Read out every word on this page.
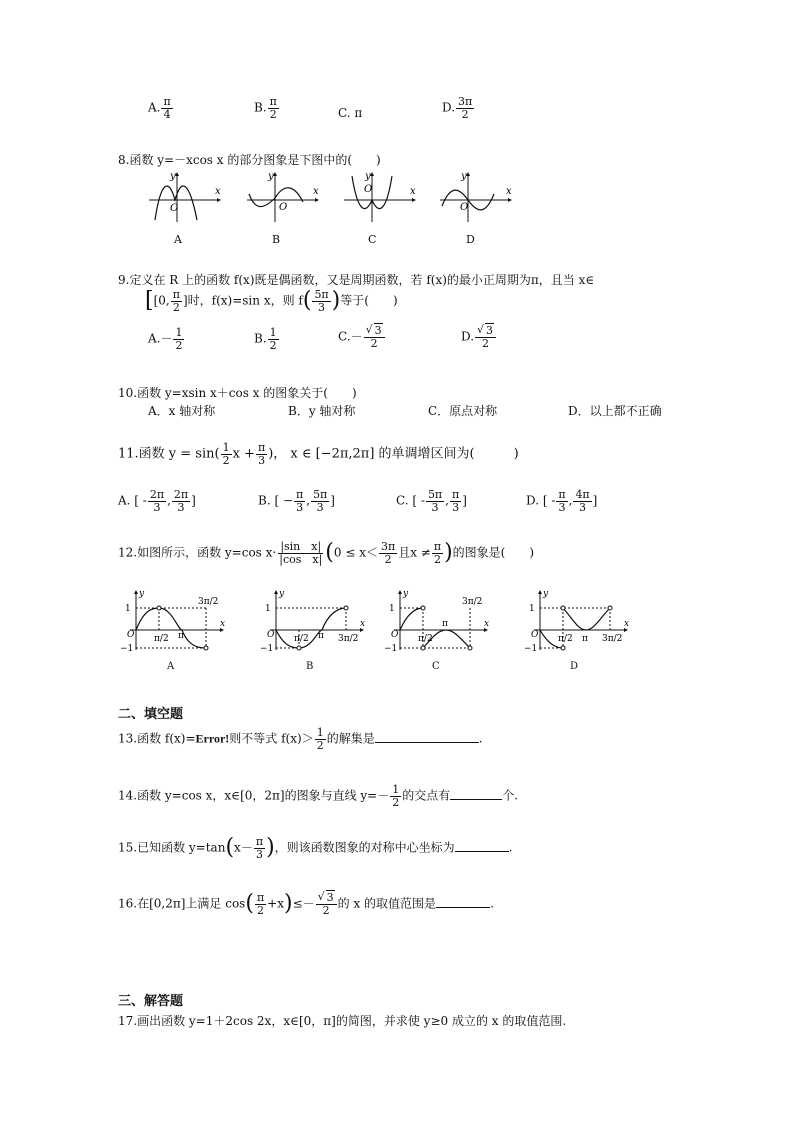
A. $\frac{\pi}{4}$	B. $\frac{\pi}{2}$	C. π	D. $\frac{3\pi}{2}$
8.函数 y=－xcos x 的部分图象是下图中的(　　)
O
y
x
A
O
y
x
B
O
y
x
C
O
y
x
D
9.定义在 R 上的函数 f(x)既是偶函数，又是周期函数，若 f(x)的最小正周期为π，且当 x∈
[[0, $\frac{\pi}{2}$ ]时，f(x)=sin x，则 $f( \frac{5\pi}{3}$ )等于(　　)
$A.- \frac{1}{2}$	B. $\frac{1}{2}$	C.－ √ $\frac{3}{2}$	D. √ $\frac{3}{2}$
10.函数 y=xsin x＋cos x 的图象关于(　　)
A．x 轴对称	B．y 轴对称	C．原点对称	D．以上都不正确
11.函数 $y = \sin( \frac{1}{2}$ $x + \frac{\pi}{3}$ )， x ∈ [−2π,2π] 的单调增区间为(　　　)
A. [ - $\frac{2\pi}{3}$ , $\frac{2\pi}{3}$ ]	B. [ − $\frac{\pi}{3}$ , $\frac{5\pi}{3}$ ]	C. [ - $\frac{5\pi}{3}$ , $\frac{\pi}{3}$ ]	D. [ - $\frac{\pi}{3}$ , $\frac{4\pi}{3}$ ]
12.如图所示，函数 y=cos $x\cdot \frac{\text{|sin　x|}}{\text{|cos　x|}} (0 \le x< \frac{3\pi}{2}$ 且$x \ne \frac{\pi}{2}$ )的图象是(　　)
1
−1
O π/2 π
3π/2
x
y
A
1
−1
O π/2 π 3π/2
x
y
B
1
−1
O π/2
π
3π/2
x
y
C
1
−1
O π/2 π 3π/2
x
y
D
二、填空题
13.函数 f(x)=Error!则不等式 $f(x)> \frac{1}{2}$ 的解集是	.
14.函数 y=cos x，x∈[0，2π]的图象与直线 $y=- \frac{1}{2}$ 的交点有	个.
15.已知函数 $y=\tan(x- \frac{\pi}{3}$ )，则该函数图象的对称中心坐标为	.
16.在[0,2π]上满足 $\cos( \frac{\pi}{2} +x)\le-$ √ $\frac{3}{2}$ 的 x 的取值范围是	.
三、解答题
17.画出函数 y=1＋2cos 2x，x∈[0，π]的简图，并求使 y≥0 成立的 x 的取值范围.
